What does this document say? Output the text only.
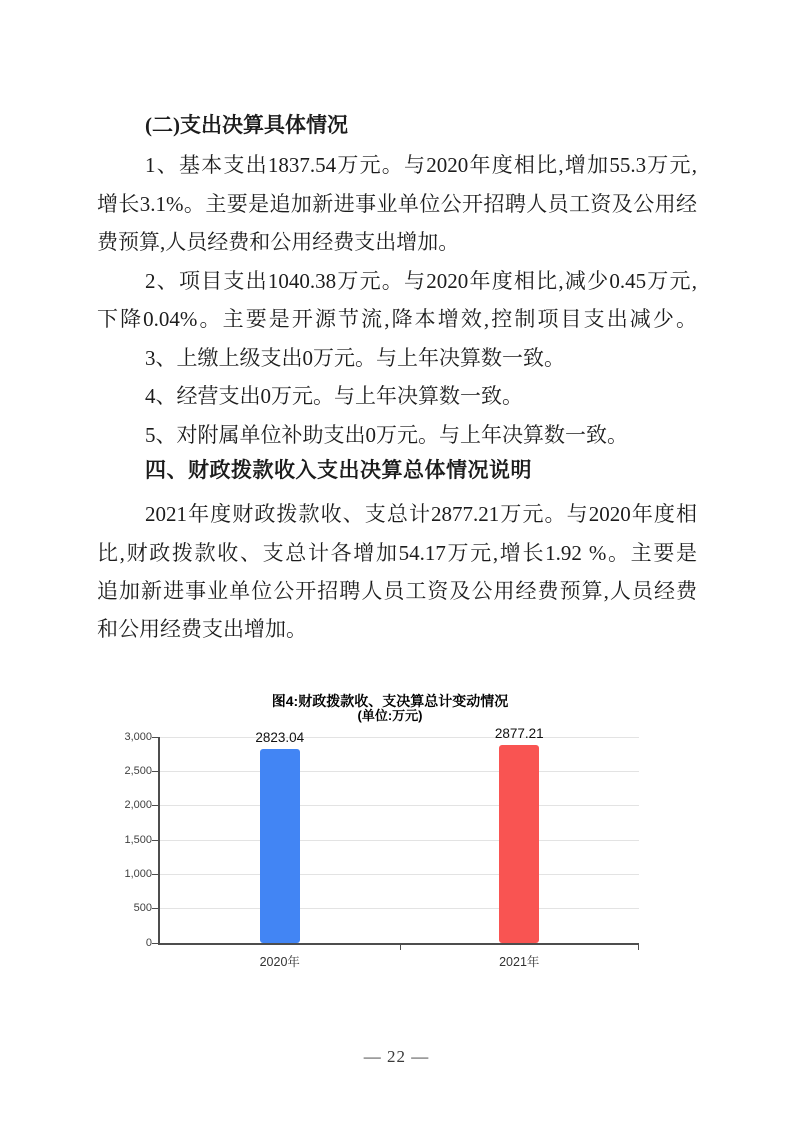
(二)支出决算具体情况
1、基本支出1837.54万元。与2020年度相比,增加55.3万元,
增长3.1%。主要是追加新进事业单位公开招聘人员工资及公用经
费预算,人员经费和公用经费支出增加。
2、项目支出1040.38万元。与2020年度相比,减少0.45万元,
下降0.04%。主要是开源节流,降本增效,控制项目支出减少。
3、上缴上级支出0万元。与上年决算数一致。
4、经营支出0万元。与上年决算数一致。
5、对附属单位补助支出0万元。与上年决算数一致。
四、财政拨款收入支出决算总体情况说明
2021年度财政拨款收、支总计2877.21万元。与2020年度相
比,财政拨款收、支总计各增加54.17万元,增长1.92 %。主要是
追加新进事业单位公开招聘人员工资及公用经费预算,人员经费
和公用经费支出增加。
图4:财政拨款收、支决算总计变动情况
(单位:万元)
0
500
1,000
1,500
2,000
2,500
3,000	2823.04
2020年
2877.21
2021年
— 22 —
